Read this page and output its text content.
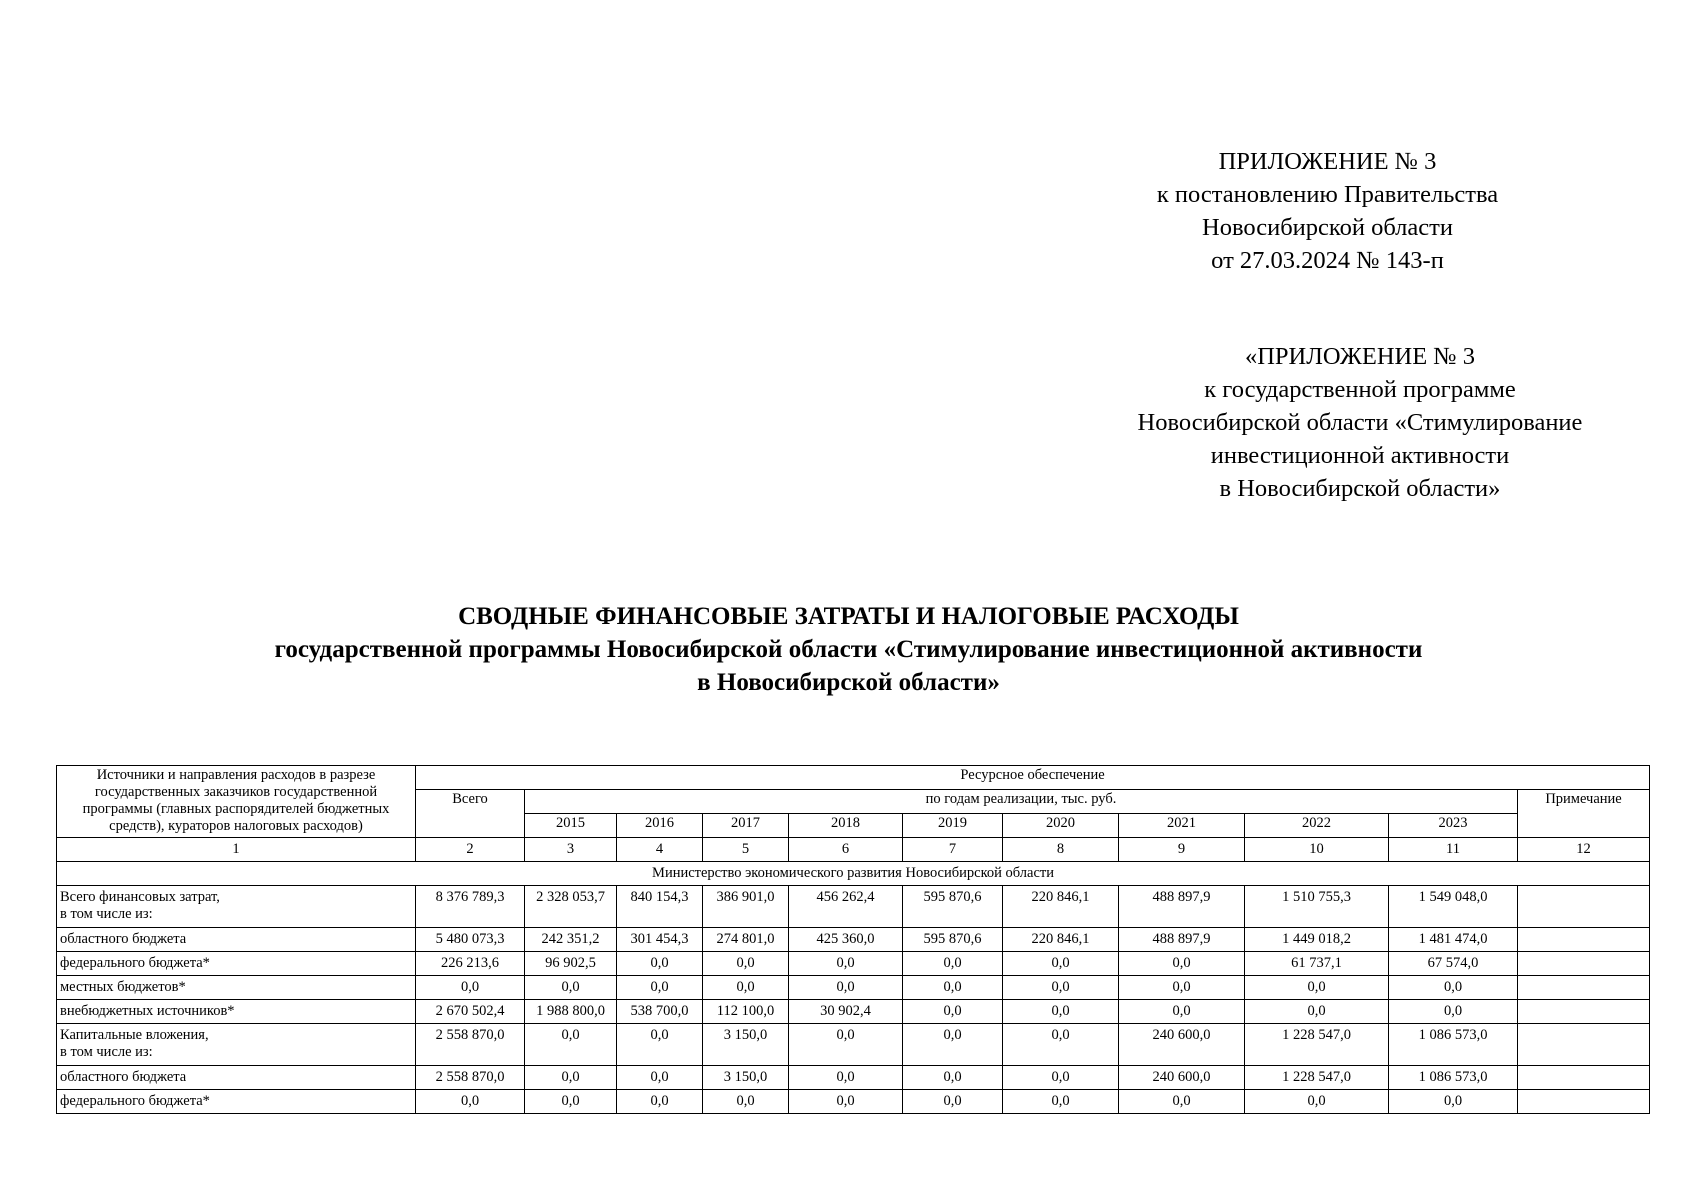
ПРИЛОЖЕНИЕ № 3
к постановлению Правительства
Новосибирской области
от 27.03.2024 № 143-п
«ПРИЛОЖЕНИЕ № 3
к государственной программе
Новосибирской области «Стимулирование
инвестиционной активности
в Новосибирской области»
СВОДНЫЕ ФИНАНСОВЫЕ ЗАТРАТЫ И НАЛОГОВЫЕ РАСХОДЫ
государственной программы Новосибирской области «Стимулирование инвестиционной активности
в Новосибирской области»
Источники и направления расходов в разрезе государственных заказчиков государственной программы (главных распорядителей бюджетных средств), кураторов налоговых расходов)	Ресурсное обеспечение										
	Всего	по годам реализации, тыс. руб.									Примечание
		2015	2016	2017	2018	2019	2020	2021	2022	2023	
1	2	3	4	5	6	7	8	9	10	11	12
Министерство экономического развития Новосибирской области											

Всего финансовых затрат,
в том числе из:	8 376 789,3	2 328 053,7	840 154,3	386 901,0	456 262,4	595 870,6	220 846,1	488 897,9	1 510 755,3	1 549 048,0	

областного бюджета	5 480 073,3	242 351,2	301 454,3	274 801,0	425 360,0	595 870,6	220 846,1	488 897,9	1 449 018,2	1 481 474,0	

федерального бюджета*	226 213,6	96 902,5	0,0	0,0	0,0	0,0	0,0	0,0	61 737,1	67 574,0	

местных бюджетов*	0,0	0,0	0,0	0,0	0,0	0,0	0,0	0,0	0,0	0,0	

внебюджетных источников*	2 670 502,4	1 988 800,0	538 700,0	112 100,0	30 902,4	0,0	0,0	0,0	0,0	0,0	

Капитальные вложения,
в том числе из:	2 558 870,0	0,0	0,0	3 150,0	0,0	0,0	0,0	240 600,0	1 228 547,0	1 086 573,0	

областного бюджета	2 558 870,0	0,0	0,0	3 150,0	0,0	0,0	0,0	240 600,0	1 228 547,0	1 086 573,0	

федерального бюджета*	0,0	0,0	0,0	0,0	0,0	0,0	0,0	0,0	0,0	0,0	
